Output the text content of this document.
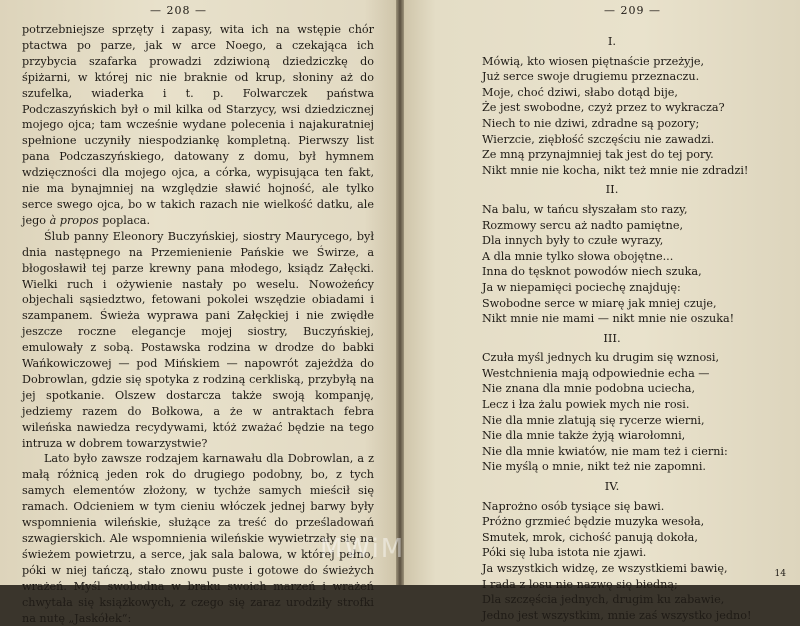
— 208 —

potrzebniejsze sprzęty i zapasy, wita ich na wstępie chór ptactwa po parze, jak w arce Noego, a czekająca ich przybycia szafarka prowadzi zdziwioną dziedziczkę do śpiżarni, w której nic nie braknie od krup, słoniny aż do szufelka, wiaderka i t. p. Folwarczek państwa Podczaszyńskich był o mil kilka od Starzycy, wsi dziedzicznej mojego ojca; tam wcześnie wydane polecenia i najakuratniej spełnione uczyniły niespodziankę kompletną. Pierwszy list pana Podczaszyńskiego, datowany z domu, był hymnem wdzięczności dla mojego ojca, a córka, wypisująca ten fakt, nie ma bynajmniej na względzie sławić hojność, ale tylko serce swego ojca, bo w takich razach nie wielkość datku, ale jego à propos poplaca.

Ślub panny Eleonory Buczyńskiej, siostry Maurycego, był dnia następnego na Przemienienie Pańskie we Świrze, a błogosławił tej parze krewny pana młodego, ksiądz Załęcki. Wielki ruch i ożywienie nastały po weselu. Nowożeńcy objechali sąsiedztwo, fetowani pokolei wszędzie obiadami i szampanem. Świeża wyprawa pani Załęckiej i nie zwiędłe jeszcze roczne elegancje mojej siostry, Buczyńskiej, emulowały z sobą. Postawska rodzina w drodze do babki Wańkowiczowej — pod Mińskiem — napowrót zajeżdża do Dobrowlan, gdzie się spotyka z rodziną cerkliską, przybyłą na jej spotkanie. Olszew dostarcza także swoją kompanję, jedziemy razem do Bołkowa, a że w antraktach febra wileńska nawiedza recydywami, któż zważać będzie na tego intruza w dobrem towarzystwie?

Lato było zawsze rodzajem karnawału dla Dobrowlan, a z małą różnicą jeden rok do drugiego podobny, bo, z tych samych elementów złożony, w tychże samych mieścił się ramach. Odcieniem w tym cieniu włóczek jednej barwy były wspomnienia wileńskie, służące za treść do prześladowań szwagierskich. Ale wspomnienia wileńskie wywietrzały się na świeżem powietrzu, a serce, jak sala balowa, w której pełno, póki w niej tańczą, stało znowu puste i gotowe do świeżych wrażeń. Myśl swobodna w braku swoich marzeń i wrażeń chwytała się książkowych, z czego się zaraz urodziły strofki na nutę „Jaskółek“:

— 209 —
I.
Mówią, kto wiosen piętnaście przeżyje,
Już serce swoje drugiemu przeznaczu.
Moje, choć dziwi, słabo dotąd bije,
Że jest swobodne, czyż przez to wykracza?
Niech to nie dziwi, zdradne są pozory;
Wierzcie, ziębłość szczęściu nie zawadzi.
Ze mną przynajmniej tak jest do tej pory.
Nikt mnie nie kocha, nikt też mnie nie zdradzi!
II.
Na balu, w tańcu słyszałam sto razy,
Rozmowy sercu aż nadto pamiętne,
Dla innych były to czułe wyrazy,
A dla mnie tylko słowa obojętne...
Inna do tęsknot powodów niech szuka,
Ja w niepamięci pociechę znajduję:
Swobodne serce w miarę jak mniej czuje,
Nikt mnie nie mami — nikt mnie nie oszuka!
III.
Czuła myśl jednych ku drugim się wznosi,
Westchnienia mają odpowiednie echa —
Nie znana dla mnie podobna uciecha,
Lecz i łza żalu powiek mych nie rosi.
Nie dla mnie zlatują się rycerze wierni,
Nie dla mnie także żyją wiarołomni,
Nie dla mnie kwiatów, nie mam też i cierni:
Nie myślą o mnie, nikt też nie zapomni.
IV.
Naprożno osób tysiące się bawi.
Próżno grzmieć będzie muzyka wesoła,
Smutek, mrok, cichość panują dokoła,
Póki się luba istota nie zjawi.
Ja wszystkich widzę, ze wszystkiemi bawię,
I rada z losu nie nazwę się biedną;
Dla szczęścia jednych, drugim ku zabawie,
Jedno jest wszystkim, mnie zaś wszystko jedno!
14
MWiM
